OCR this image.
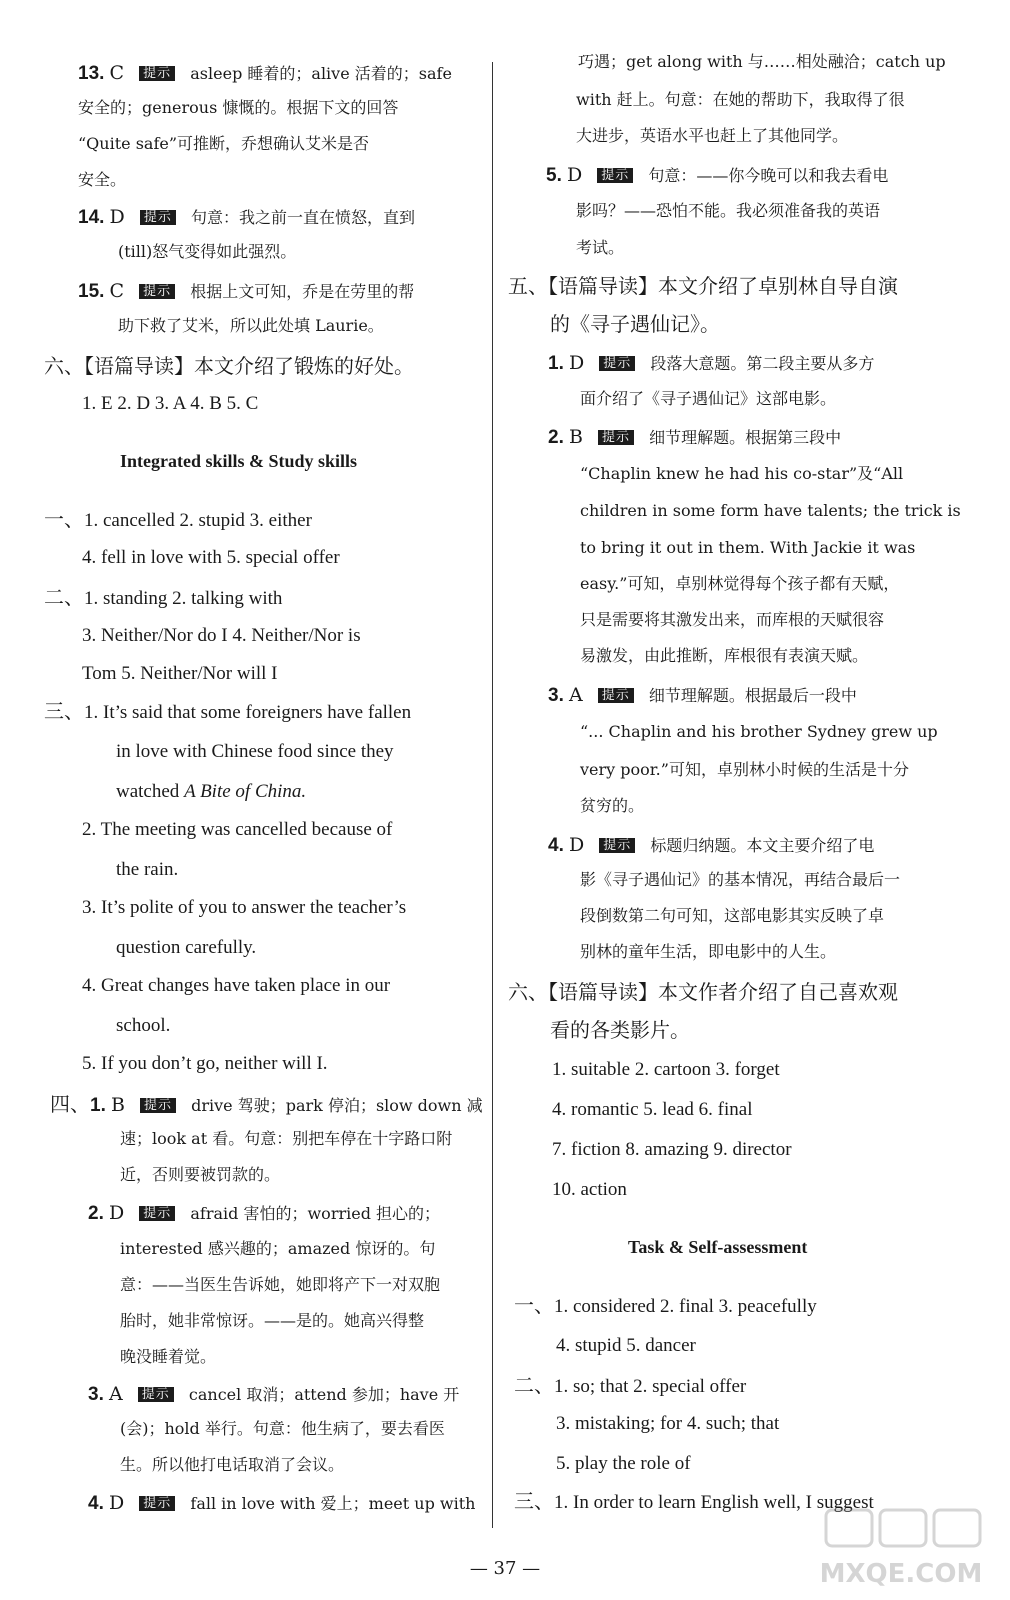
13. C 提示 asleep 睡着的；alive 活着的；safe
安全的；generous 慷慨的。根据下文的回答
“Quite safe”可推断，乔想确认艾米是否
安全。
14. D 提示 句意：我之前一直在愤怒，直到
(till)怒气变得如此强烈。
15. C 提示 根据上文可知，乔是在劳里的帮
助下救了艾米，所以此处填 Laurie。
六、【语篇导读】本文介绍了锻炼的好处。
1. E 2. D 3. A 4. B 5. C
Integrated skills & Study skills
一、1. cancelled 2. stupid 3. either
4. fell in love with 5. special offer
二、1. standing 2. talking with
3. Neither/Nor do I 4. Neither/Nor is
Tom 5. Neither/Nor will I
三、1. It’s said that some foreigners have fallen
in love with Chinese food since they
watched A Bite of China.
2. The meeting was cancelled because of
the rain.
3. It’s polite of you to answer the teacher’s
question carefully.
4. Great changes have taken place in our
school.
5. If you don’t go, neither will I.
四、1. B 提示 drive 驾驶；park 停泊；slow down 减
速；look at 看。句意：别把车停在十字路口附
近，否则要被罚款的。
2. D 提示 afraid 害怕的；worried 担心的；
interested 感兴趣的；amazed 惊讶的。句
意：——当医生告诉她，她即将产下一对双胞
胎时，她非常惊讶。——是的。她高兴得整
晚没睡着觉。
3. A 提示 cancel 取消；attend 参加；have 开
(会)；hold 举行。句意：他生病了，要去看医
生。所以他打电话取消了会议。
4. D 提示 fall in love with 爱上；meet up with
巧遇；get along with 与……相处融洽；catch up
with 赶上。句意：在她的帮助下，我取得了很
大进步，英语水平也赶上了其他同学。
5. D 提示 句意：——你今晚可以和我去看电
影吗？——恐怕不能。我必须准备我的英语
考试。
五、【语篇导读】本文介绍了卓别林自导自演
的《寻子遇仙记》。
1. D 提示 段落大意题。第二段主要从多方
面介绍了《寻子遇仙记》这部电影。
2. B 提示 细节理解题。根据第三段中
“Chaplin knew he had his co-star”及“All
children in some form have talents; the trick is
to bring it out in them. With Jackie it was
easy.”可知，卓别林觉得每个孩子都有天赋，
只是需要将其激发出来，而库根的天赋很容
易激发，由此推断，库根很有表演天赋。
3. A 提示 细节理解题。根据最后一段中
“... Chaplin and his brother Sydney grew up
very poor.”可知，卓别林小时候的生活是十分
贫穷的。
4. D 提示 标题归纳题。本文主要介绍了电
影《寻子遇仙记》的基本情况，再结合最后一
段倒数第二句可知，这部电影其实反映了卓
别林的童年生活，即电影中的人生。
六、【语篇导读】本文作者介绍了自己喜欢观
看的各类影片。
1. suitable 2. cartoon 3. forget
4. romantic 5. lead 6. final
7. fiction 8. amazing 9. director
10. action
Task & Self-assessment
一、1. considered 2. final 3. peacefully
4. stupid 5. dancer
二、1. so; that 2. special offer
3. mistaking; for 4. such; that
5. play the role of
三、1. In order to learn English well, I suggest
— 37 —	MXQE.COM
